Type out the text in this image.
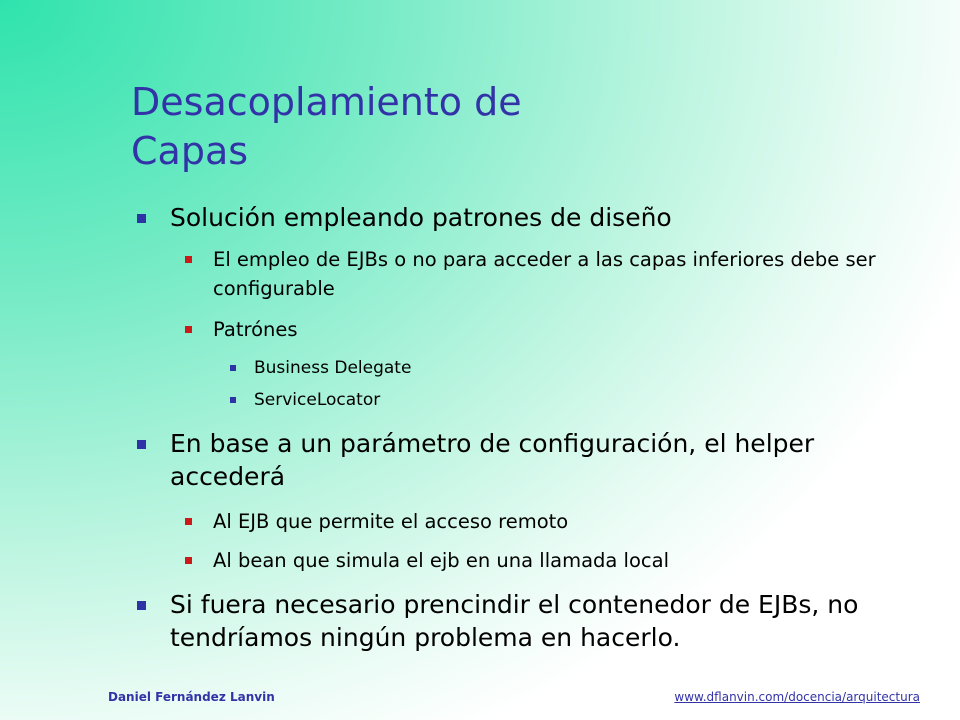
Desacoplamiento de
Capas
Solución empleando patrones de diseño
El empleo de EJBs o no para acceder a las capas inferiores debe ser configurable
Patrónes
Business Delegate
ServiceLocator
En base a un parámetro de configuración, el helper accederá
Al EJB que permite el acceso remoto
Al bean que simula el ejb en una llamada local
Si fuera necesario prencindir el contenedor de EJBs, no tendríamos ningún problema en hacerlo.
Daniel Fernández Lanvin	www.dflanvin.com/docencia/arquitectura
